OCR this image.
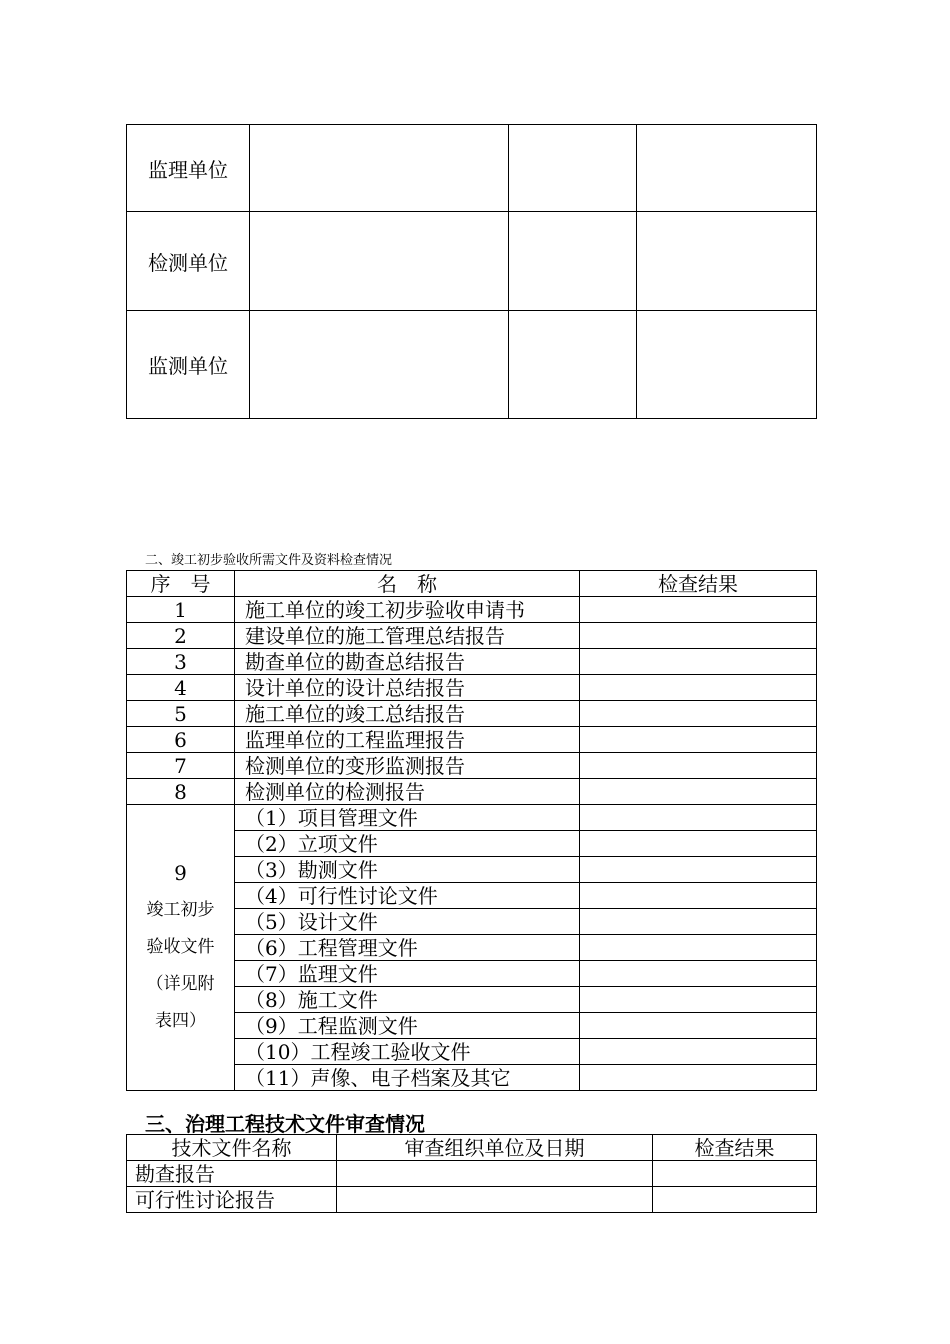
监理单位			
检测单位			
监测单位			
二、竣工初步验收所需文件及资料检查情况
序　号	名　称	检查结果
1	施工单位的竣工初步验收申请书	
2	建设单位的施工管理总结报告	
3	勘查单位的勘查总结报告	
4	设计单位的设计总结报告	
5	施工单位的竣工总结报告	
6	监理单位的工程监理报告	
7	检测单位的变形监测报告	
8	检测单位的检测报告	

9
竣工初步
验收文件
（详见附
表四）	（1）项目管理文件	
	（2）立项文件	
	（3）勘测文件	
	（4）可行性讨论文件	
	（5）设计文件	
	（6）工程管理文件	
	（7）监理文件	
	（8）施工文件	
	（9）工程监测文件	
	（10）工程竣工验收文件	
	（11）声像、电子档案及其它	
三、治理工程技术文件审查情况
技术文件名称	审查组织单位及日期	检查结果
勘查报告		
可行性讨论报告		
